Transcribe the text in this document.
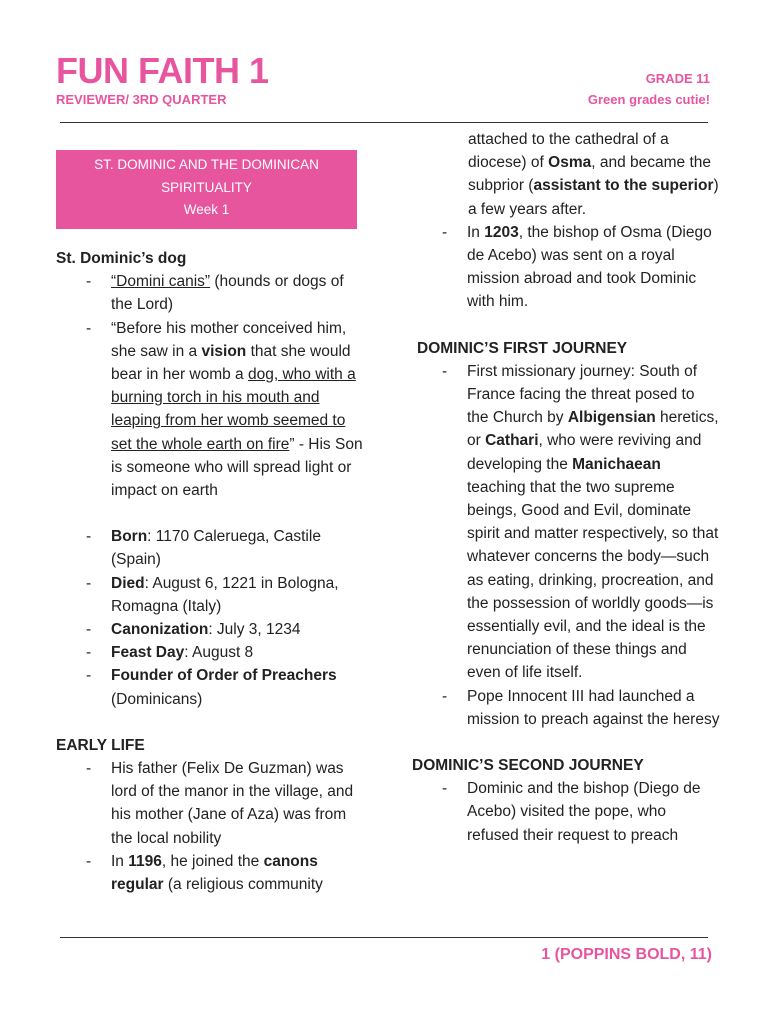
FUN FAITH 1
REVIEWER/ 3RD QUARTER
GRADE 11
Green grades cutie!
ST. DOMINIC AND THE DOMINICAN
SPIRITUALITY
Week 1

St. Dominic’s dog

- “Domini canis” (hounds or dogs of the Lord)
- “Before his mother conceived him, she saw in a vision that she would bear in her womb a dog, who with a burning torch in his mouth and leaping from her womb seemed to set the whole earth on fire” - His Son is someone who will spread light or impact on earth
- Born: 1170 Caleruega, Castile (Spain)
- Died: August 6, 1221 in Bologna, Romagna (Italy)
- Canonization: July 3, 1234
- Feast Day: August 8
- Founder of Order of Preachers (Dominicans)

EARLY LIFE

- His father (Felix De Guzman) was lord of the manor in the village, and his mother (Jane of Aza) was from the local nobility
- In 1196, he joined the canons regular (a religious community
attached to the cathedral of a diocese) of Osma, and became the subprior (assistant to the superior) a few years after.
- In 1203, the bishop of Osma (Diego de Acebo) was sent on a royal mission abroad and took Dominic with him.

DOMINIC’S FIRST JOURNEY

- First missionary journey: South of France facing the threat posed to the Church by Albigensian heretics, or Cathari, who were reviving and developing the Manichaean teaching that the two supreme beings, Good and Evil, dominate spirit and matter respectively, so that whatever concerns the body—such as eating, drinking, procreation, and the possession of worldly goods—is essentially evil, and the ideal is the renunciation of these things and even of life itself.
- Pope Innocent III had launched a mission to preach against the heresy

DOMINIC’S SECOND JOURNEY

- Dominic and the bishop (Diego de Acebo) visited the pope, who refused their request to preach
1 (POPPINS BOLD, 11)
